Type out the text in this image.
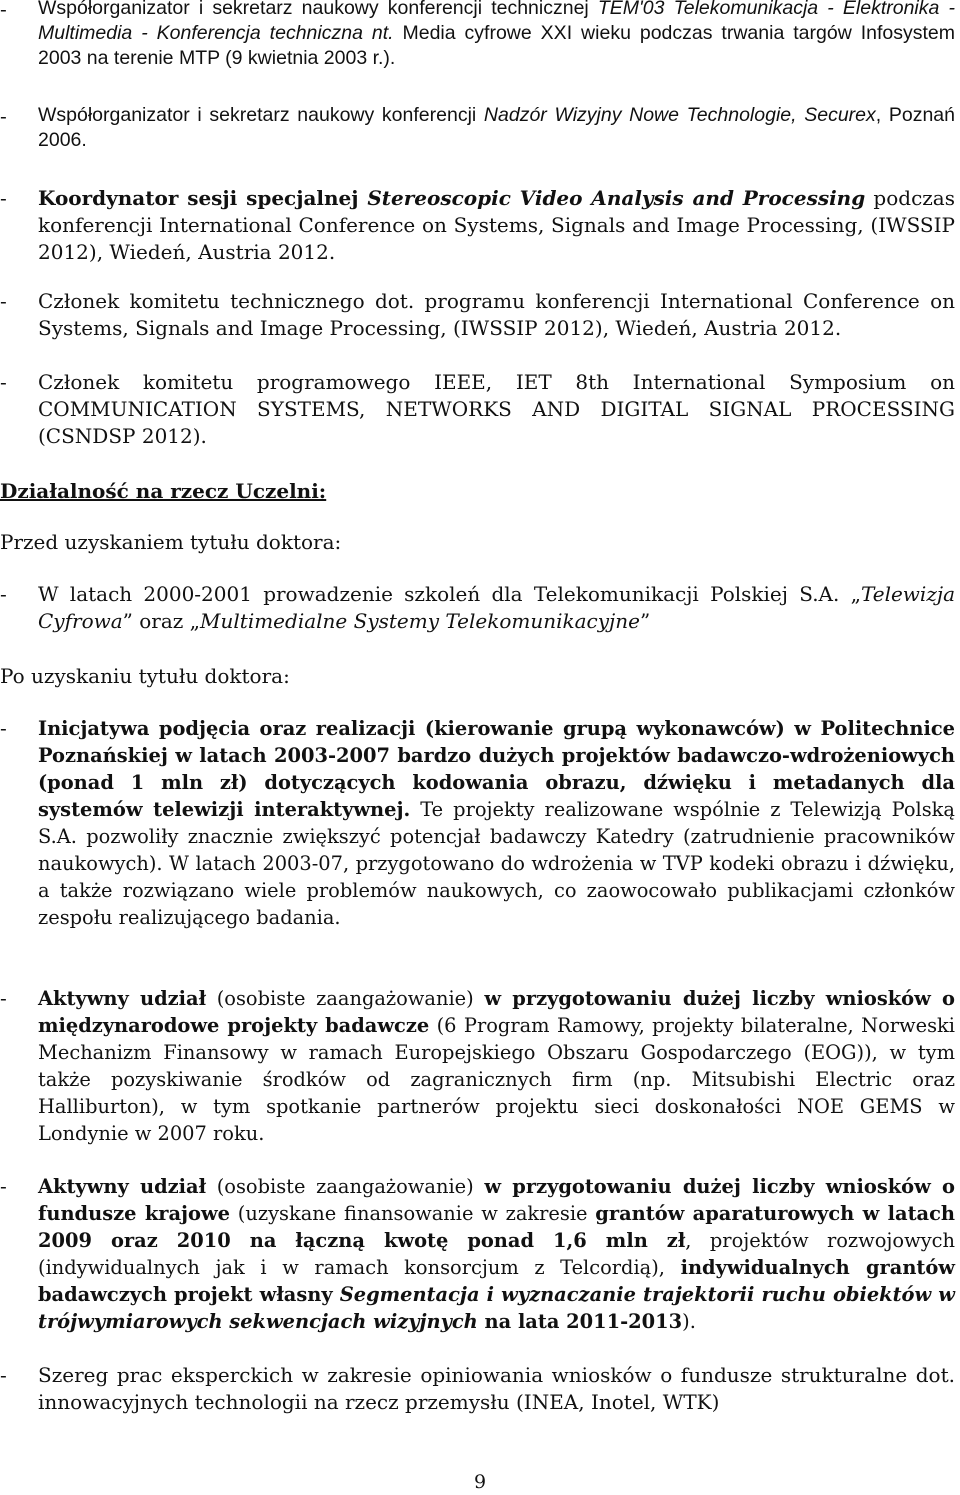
-	Współorganizator i sekretarz naukowy konferencji technicznej TEM'03 Telekomunikacja - Elektronika - Multimedia - Konferencja techniczna nt. Media cyfrowe XXI wieku podczas trwania targów Infosystem 2003 na terenie MTP (9 kwietnia 2003 r.).
-	Współorganizator i sekretarz naukowy konferencji Nadzór Wizyjny Nowe Technologie, Securex, Poznań 2006.
-	Koordynator sesji specjalnej Stereoscopic Video Analysis and Processing podczas konferencji International Conference on Systems, Signals and Image Processing, (IWSSIP 2012), Wiedeń, Austria 2012.
-	Członek komitetu technicznego dot. programu konferencji International Conference on Systems, Signals and Image Processing, (IWSSIP 2012), Wiedeń, Austria 2012.
-	Członek komitetu programowego IEEE, IET 8th International Symposium on COMMUNICATION SYSTEMS, NETWORKS AND DIGITAL SIGNAL PROCESSING (CSNDSP 2012).
Działalność na rzecz Uczelni:
Przed uzyskaniem tytułu doktora:
-	W latach 2000-2001 prowadzenie szkoleń dla Telekomunikacji Polskiej S.A. „Telewizja Cyfrowa” oraz „Multimedialne Systemy Telekomunikacyjne”
Po uzyskaniu tytułu doktora:
-	Inicjatywa podjęcia oraz realizacji (kierowanie grupą wykonawców) w Politechnice Poznańskiej w latach 2003-2007 bardzo dużych projektów badawczo-wdrożeniowych (ponad 1 mln zł) dotyczących kodowania obrazu, dźwięku i metadanych dla systemów telewizji interaktywnej. Te projekty realizowane wspólnie z Telewizją Polską S.A. pozwoliły znacznie zwiększyć potencjał badawczy Katedry (zatrudnienie pracowników naukowych). W latach 2003-07, przygotowano do wdrożenia w TVP kodeki obrazu i dźwięku, a także rozwiązano wiele problemów naukowych, co zaowocowało publikacjami członków zespołu realizującego badania.
-	Aktywny udział (osobiste zaangażowanie) w przygotowaniu dużej liczby wniosków o międzynarodowe projekty badawcze (6 Program Ramowy, projekty bilateralne, Norweski Mechanizm Finansowy w ramach Europejskiego Obszaru Gospodarczego (EOG)), w tym także pozyskiwanie środków od zagranicznych firm (np. Mitsubishi Electric oraz Halliburton), w tym spotkanie partnerów projektu sieci doskonałości NOE GEMS w Londynie w 2007 roku.
-	Aktywny udział (osobiste zaangażowanie) w przygotowaniu dużej liczby wniosków o fundusze krajowe (uzyskane finansowanie w zakresie grantów aparaturowych w latach 2009 oraz 2010 na łączną kwotę ponad 1,6 mln zł, projektów rozwojowych (indywidualnych jak i w ramach konsorcjum z Telcordią), indywidualnych grantów badawczych projekt własny Segmentacja i wyznaczanie trajektorii ruchu obiektów w trójwymiarowych sekwencjach wizyjnych na lata 2011-2013).
-	Szereg prac eksperckich w zakresie opiniowania wniosków o fundusze strukturalne dot. innowacyjnych technologii na rzecz przemysłu (INEA, Inotel, WTK)
9
